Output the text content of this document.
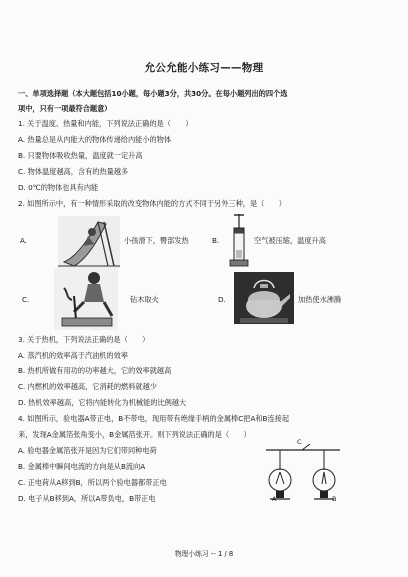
允公允能小练习——物理
一、单项选择题（本大题包括10小题，每小题3分，共30分。在每小题列出的四个选
项中，只有一项最符合题意）
1. 关于温度、热量和内能，下列说法正确的是（　　）
A. 热量总是从内能大的物体传递给内能小的物体
B. 只要物体吸收热量，温度就一定升高
C. 物体温度越高，含有的热量越多
D. 0℃的物体也具有内能
2. 如图所示中，有一种情形采取的改变物体内能的方式不同于另外三种，是（　　）
A.	小孩滑下，臀部发热	B.	空气被压缩，温度升高
C.	钻木取火	D.	加热使水沸腾
3. 关于热机，下列说法正确的是（　　）
A. 蒸汽机的效率高于汽油机的效率
B. 热机所做有用功的功率越大，它的效率就越高
C. 内燃机的效率越高，它消耗的燃料就越少
D. 热机效率越高，它将内能转化为机械能的比例越大
4. 如图所示，验电器A带正电，B不带电，现用带有绝缘手柄的金属棒C把A和B连接起
来，发现A金属箔张角变小，B金属箔张开。则下列说法正确的是（　　）
A. 验电器金属箔张开是因为它们带同种电荷
B. 金属棒中瞬间电流的方向是从B流向A
C. 正电荷从A移到B，所以两个验电器都带正电
D. 电子从B移到A，所以A带负电，B带正电	A	B
C
物理小练习 -- 1 / 8
